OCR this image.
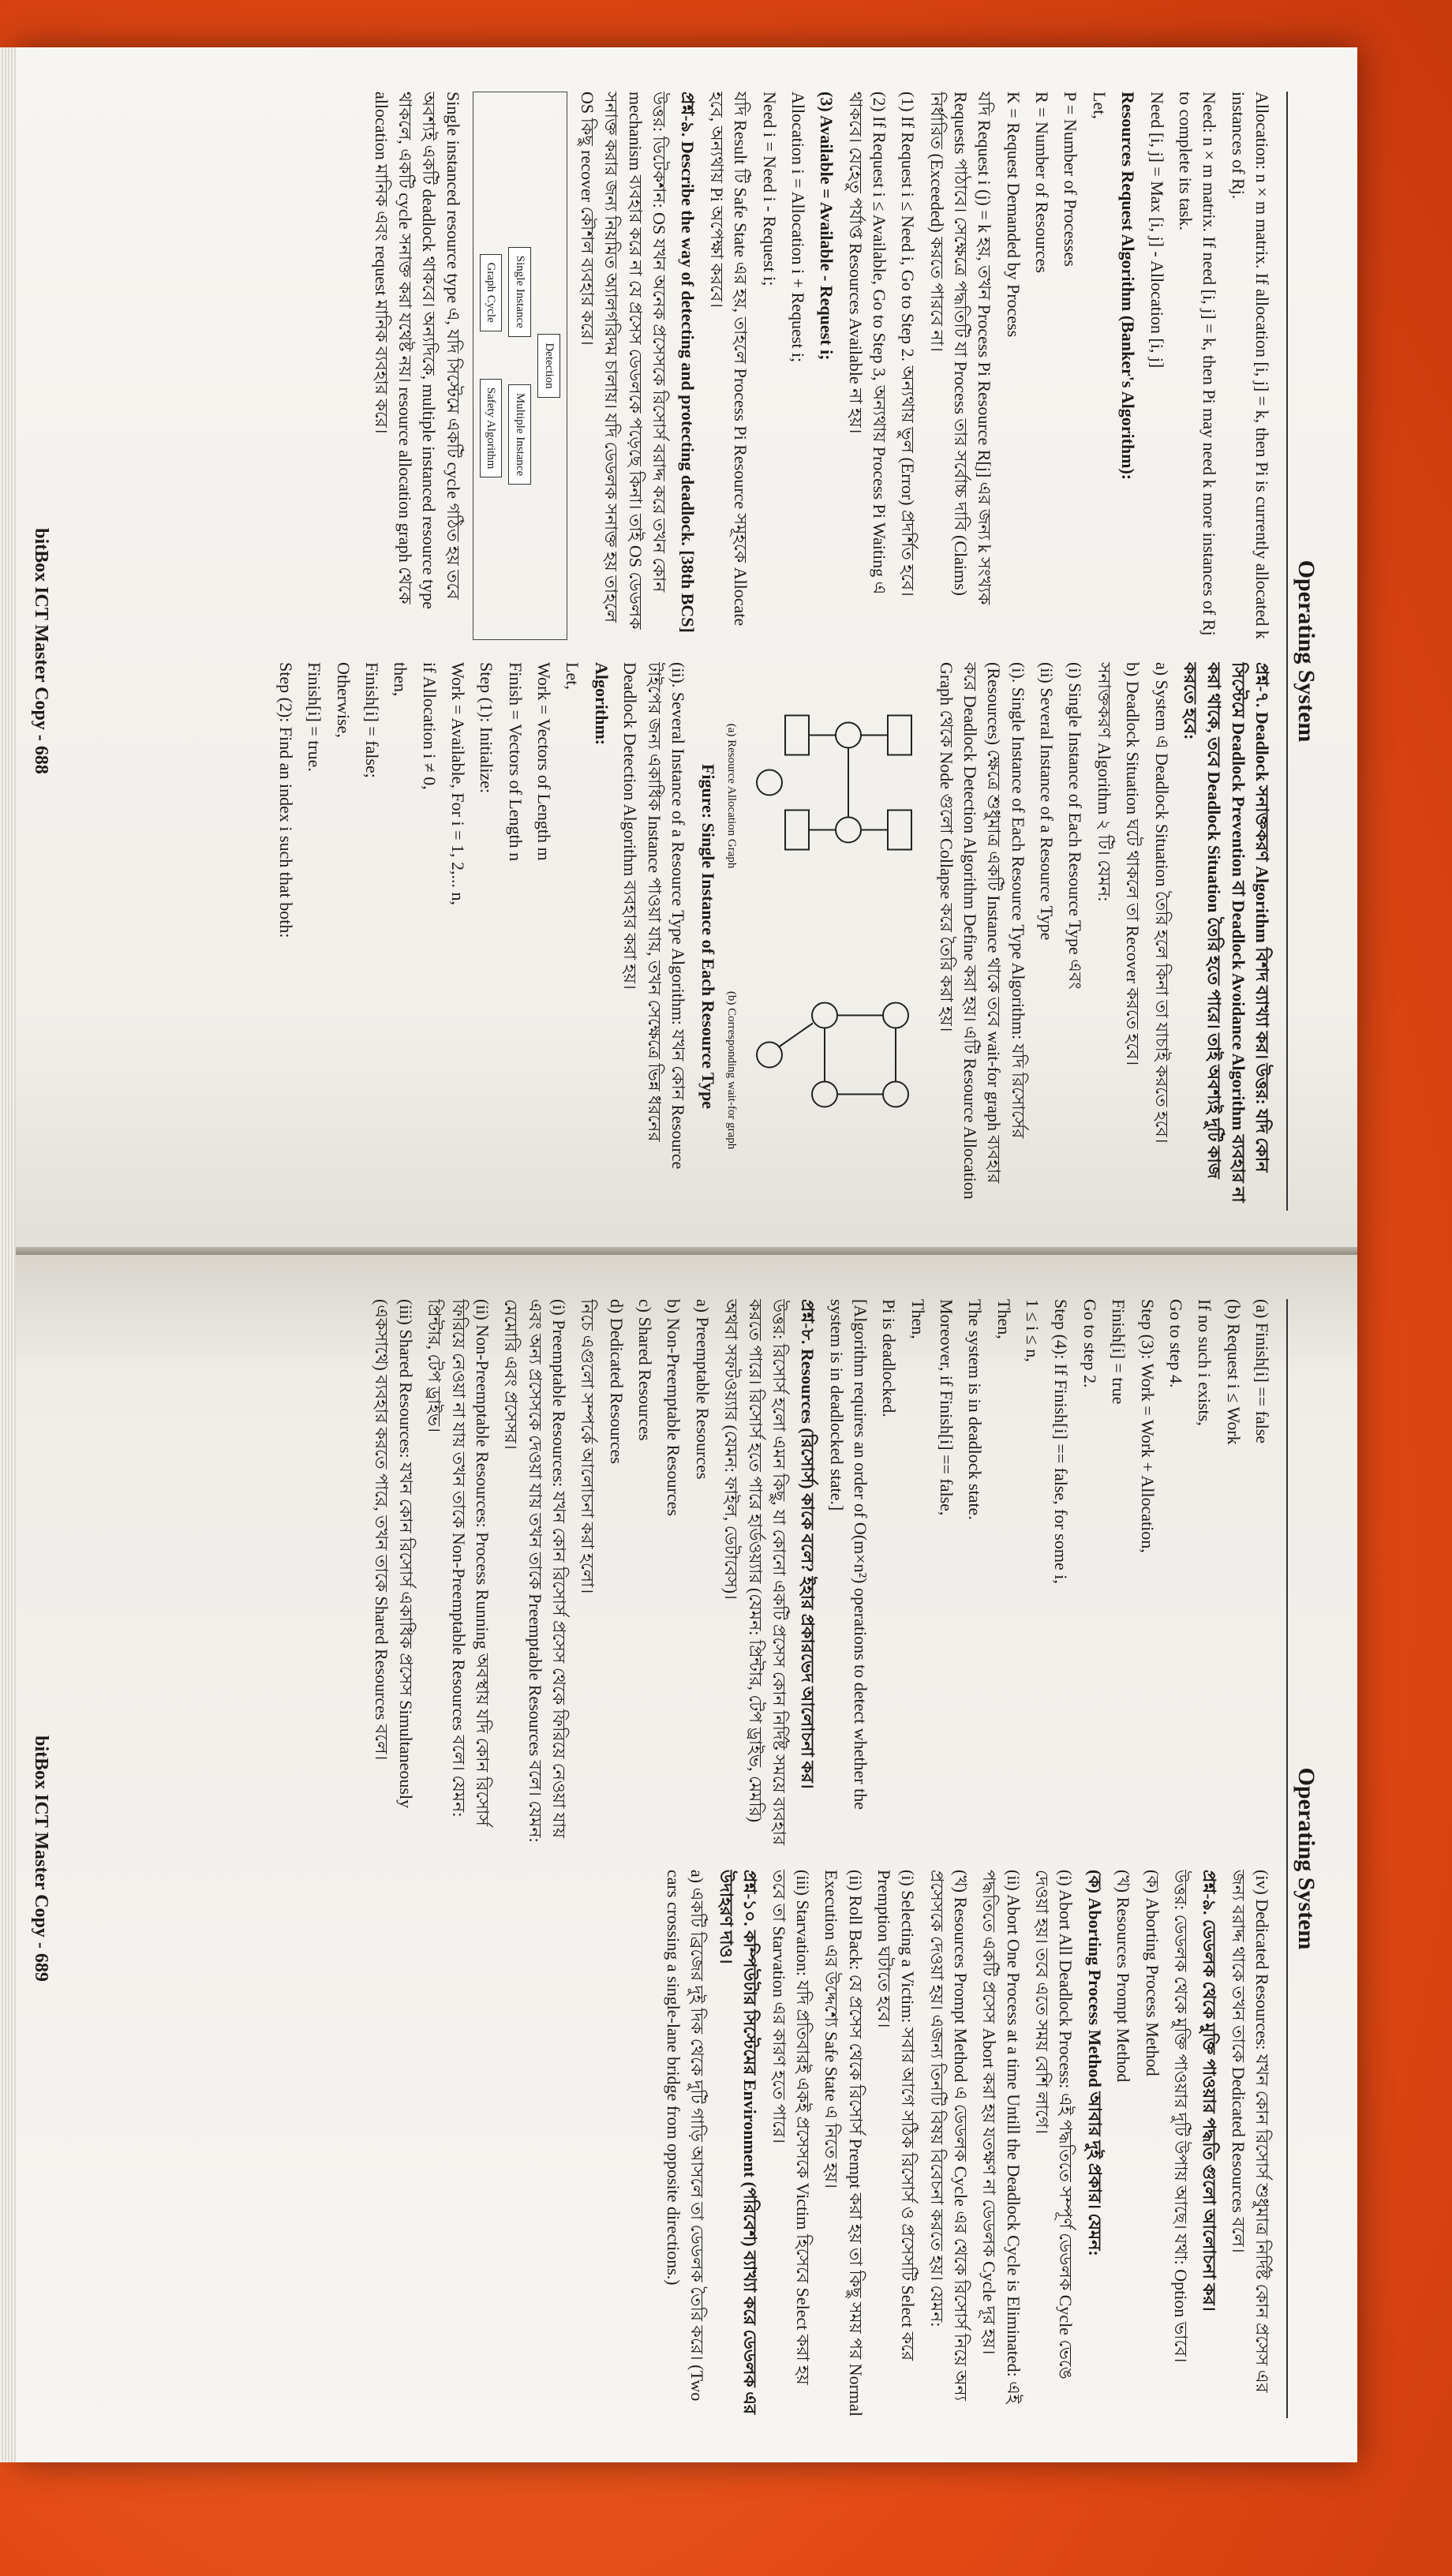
Operating System

Allocation: n × m matrix. If allocation [i, j] = k, then Pi is currently allocated k instances of Rj.

Need: n × m matrix. If need [i, j] = k, then Pi may need k more instances of Rj to complete its task.

Need [i, j] = Max [i, j] - Allocation [i, j]

Resources Request Algorithm (Banker's Algorithm):

Let,

P = Number of Processes

R = Number of Resources

K = Request Demanded by Process

যদি Request i (j) = k হয়, তখন Process Pi Resource R[j] এর জন্য k সংখ্যক Requests পাঠাবে। সেক্ষেত্রে পদ্ধতিটি যা Process তার সর্বোচ্চ দাবি (Claims) নির্ধারিত (Exceeded) করতে পারবে না।

(1) If Request i ≤ Need i, Go to Step 2. অন্যথায় ভুল (Error) প্রদর্শিত হবে।

(2) If Request i ≤ Available, Go to Step 3, অন্যথায় Process Pi Waiting এ থাকবে। যেহেতু পর্যাপ্ত Resources Available না হয়।

(3) Available = Available - Request i;

Allocation i = Allocation i + Request i;

Need i = Need i - Request i;

যদি Result টি Safe State এর হয়, তাহলে Process Pi Resource সমূহকে Allocate হবে, অন্যথায় Pi অপেক্ষা করবে।

প্রশ্ন-৯. Describe the way of detecting and protecting deadlock. [38th BCS]

উত্তর: ডিটেকশন: OS যখন অনেক প্রসেসকে রিসোর্স বরাদ্দ করে তখন কোন mechanism ব্যবহার করে না যে প্রসেস ডেডলকে পড়েছে কিনা। তাই OS ডেডলক সনাক্ত করার জন্য নিয়মিত অ্যালগরিদম চালায়। যদি ডেডলক সনাক্ত হয় তাহলে OS কিছু recover কৌশল ব্যবহার করে।

Detection
Single Instance
Multiple Instance
Graph Cycle
Safety Algorithm

Single instanced resource type এ, যদি সিস্টেমে একটি cycle গঠিত হয় তবে অবশ্যই একটি deadlock থাকবে। অন্যদিকে, multiple instanced resource type থাকলে, একটি cycle সনাক্ত করা যথেষ্ট নয়। resource allocation graph থেকে allocation মানিক এবং request মানিক ব্যবহার করে।

প্রশ্ন-৭. Deadlock সনাক্তকরণ Algorithm বিশদ ব্যাখ্যা কর। উত্তর: যদি কোন সিস্টেমে Deadlock Prevention বা Deadlock Avoidance Algorithm ব্যবহার না করা থাকে, তবে Deadlock Situation তৈরি হতে পারে। তাই অবশ্যই দুটি কাজ করতে হবে:

a) System এ Deadlock Situation তৈরি হলে কিনা তা যাচাই করতে হবে।

b) Deadlock Situation ঘটে থাকলে তা Recover করতে হবে।

সনাক্তকরণ Algorithm ২ টি। যেমন:

(i) Single Instance of Each Resource Type এবং

(ii) Several Instance of a Resource Type

(i). Single Instance of Each Resource Type Algorithm: যদি রিসোর্সের (Resources) ক্ষেত্রে শুধুমাত্র একটি Instance থাকে তবে wait-for graph ব্যবহার করে Deadlock Detection Algorithm Define করা হয়। এটি Resource Allocation Graph থেকে Node গুলো Collapse করে তৈরি করা হয়।

(a) Resource Allocation Graph
(b) Corresponding wait-for graph
Figure: Single Instance of Each Resource Type

(ii). Several Instance of a Resource Type Algorithm: যখন কোন Resource টাইপের জন্য একাধিক Instance পাওয়া যায়, তখন সেক্ষেত্রে ভিন্ন ধরনের Deadlock Detection Algorithm ব্যবহার করা হয়।

Algorithm:

Let,

Work = Vectors of Length m

Finish = Vectors of Length n

Step (1): Initialize:

Work = Available, For i = 1, 2,... n,

if Allocation i ≠ 0,

then,

Finish[i] = false;

Otherwise,

Finish[i] = true.

Step (2): Find an index i such that both:

bitBox ICT Master Copy - 688
Operating System

(a) Finish[i] == false

(b) Request i ≤ Work

If no such i exists,

Go to step 4.

Step (3): Work = Work + Allocation,

Finish[i] = true

Go to step 2.

Step (4): If Finish[i] == false, for some i,

1 ≤ i ≤ n,

Then,

The system is in deadlock state.

Moreover, if Finish[i] == false,

Then,

Pi is deadlocked.

[Algorithm requires an order of O(m×n²) operations to detect whether the system is in deadlocked state.]

প্রশ্ন-৮. Resources (রিসোর্স) কাকে বলে? ইহার প্রকারভেদ আলোচনা কর।

উত্তর: রিসোর্স হলো এমন কিছু, যা কোনো একটি প্রসেস কোন নির্দিষ্ট সময়ে ব্যবহার করতে পারে। রিসোর্স হতে পারে হার্ডওয়্যার (যেমন: প্রিন্টার, টেপ ড্রাইভ, মেমরি) অথবা সফটওয়্যার (যেমন: ফাইল, ডেটাবেস)।

a) Preemptable Resources

b) Non-Preemptable Resources

c) Shared Resources

d) Dedicated Resources

নিচে এগুলো সম্পর্কে আলোচনা করা হলো।

(i) Preemptable Resources: যখন কোন রিসোর্স প্রসেস থেকে ফিরিয়ে নেওয়া যায় এবং অন্য প্রসেসকে দেওয়া যায় তখন তাকে Preemptable Resources বলে। যেমন: মেমোরি এবং প্রসেসর।

(ii) Non-Preemptable Resources: Process Running অবস্থায় যদি কোন রিসোর্স ফিরিয়ে নেওয়া না যায় তখন তাকে Non-Preemptable Resources বলে। যেমন: প্রিন্টার, টেপ ড্রাইভ।

(iii) Shared Resources: যখন কোন রিসোর্স একাধিক প্রসেস Simultaneously (একসাথে) ব্যবহার করতে পারে, তখন তাকে Shared Resources বলে।

(iv) Dedicated Resources: যখন কোন রিসোর্স শুধুমাত্র নির্দিষ্ট কোন প্রসেস এর জন্য বরাদ্দ থাকে তখন তাকে Dedicated Resources বলে।

প্রশ্ন-৯. ডেডলক থেকে মুক্তি পাওয়ার পদ্ধতি গুলো আলোচনা কর।

উত্তর: ডেডলক থেকে মুক্তি পাওয়ার দুটি উপায় আছে। যথা: Option ভাবে।

(ক) Aborting Process Method

(খ) Resources Prompt Method

(ক) Aborting Process Method আবার দুই প্রকার। যেমন:

(i) Abort All Deadlock Process: এই পদ্ধতিতে সম্পূর্ণ ডেডলক Cycle ভেঙে দেওয়া হয়। তবে এতে সময় বেশি লাগে।

(ii) Abort One Process at a time Untill the Deadlock Cycle is Eliminated: এই পদ্ধতিতে একটি প্রসেস Abort করা হয় যতক্ষণ না ডেডলক Cycle দূর হয়।

(খ) Resources Prompt Method এ ডেডলক Cycle এর থেকে রিসোর্স নিয়ে অন্য প্রসেসকে দেওয়া হয়। এজন্য তিনটি বিষয় বিবেচনা করতে হয়। যেমন:

(i) Selecting a Victim: সবার আগে সঠিক রিসোর্স ও প্রসেসটি Select করে Premption ঘটাতে হবে।

(ii) Roll Back: যে প্রসেস থেকে রিসোর্স Prempt করা হয় তা কিছু সময় পর Normal Execution এর উদ্দেশ্যে Safe State এ নিতে হয়।

(iii) Starvation: যদি প্রতিবারই একই প্রসেসকে Victim হিসেবে Select করা হয় তবে তা Starvation এর কারণ হতে পারে।

প্রশ্ন-১০. কম্পিউটার সিস্টেমের Environment (পরিবেশ) ব্যাখ্যা করে ডেডলক এর উদাহরণ দাও।

a) একটি ব্রিজের দুই দিক থেকে দুটি গাড়ি আসলে তা ডেডলক তৈরি করে। (Two cars crossing a single-lane bridge from opposite directions.)

bitBox ICT Master Copy - 689
